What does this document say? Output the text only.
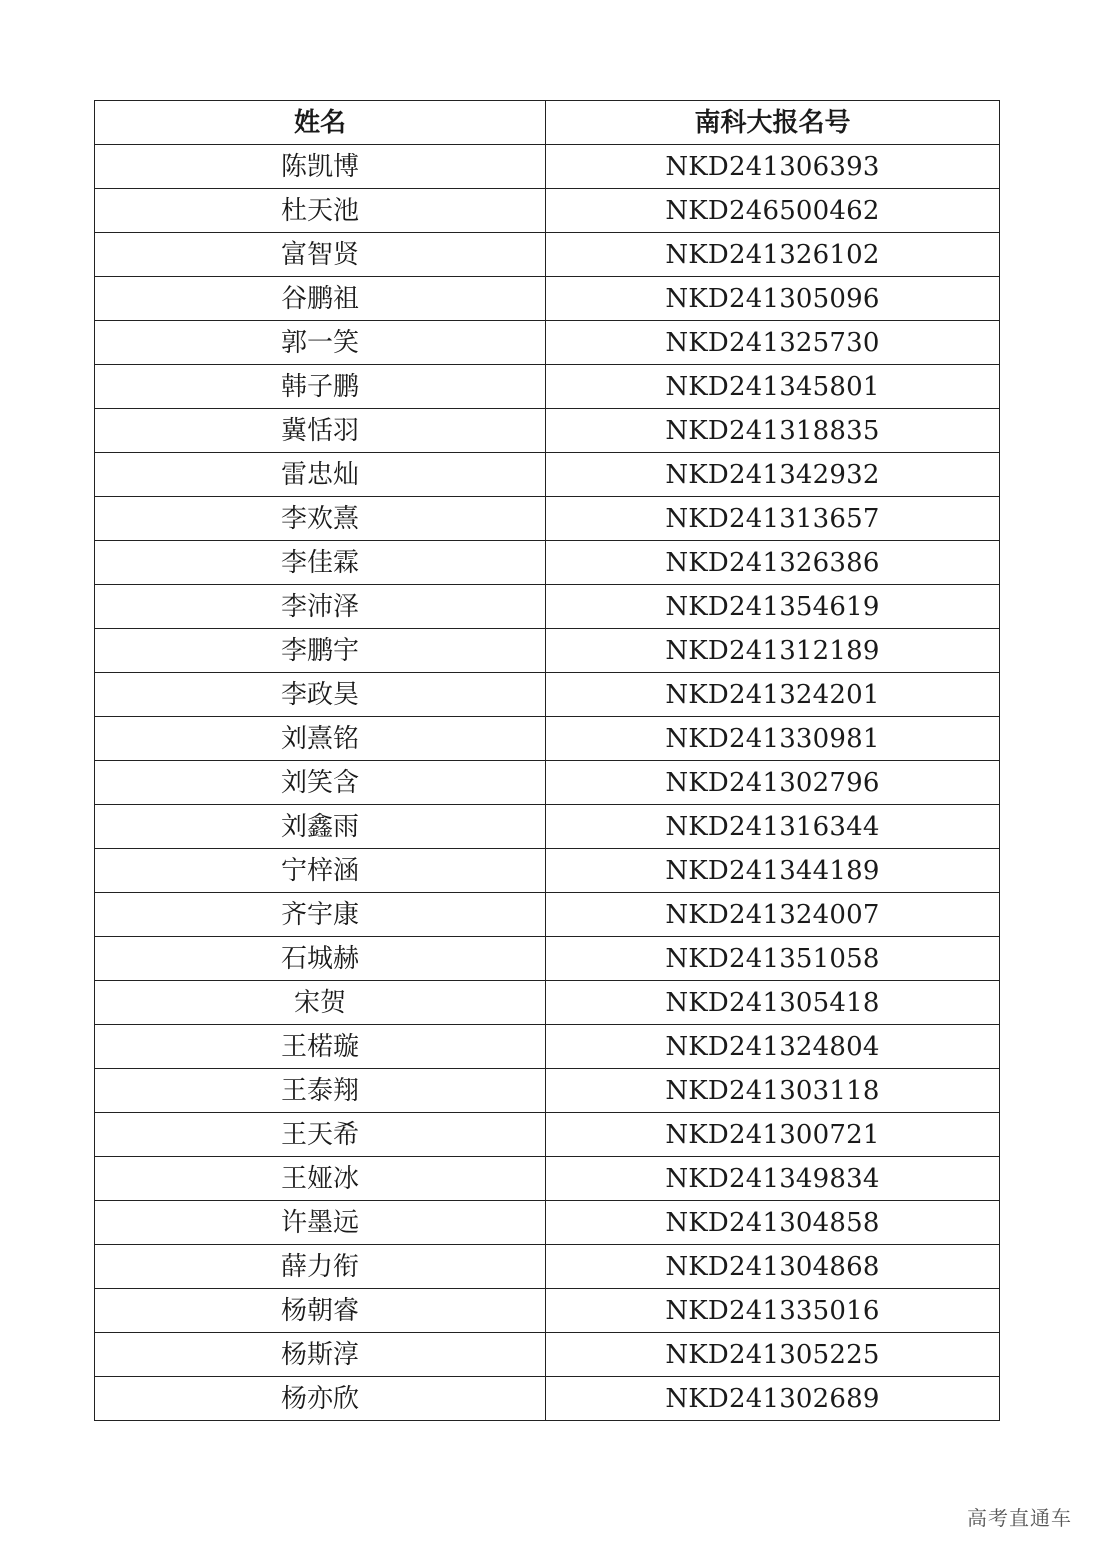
姓名	南科大报名号
陈凯博	NKD241306393
杜天池	NKD246500462
富智贤	NKD241326102
谷鹏祖	NKD241305096
郭一笑	NKD241325730
韩子鹏	NKD241345801
冀恬羽	NKD241318835
雷忠灿	NKD241342932
李欢熹	NKD241313657
李佳霖	NKD241326386
李沛泽	NKD241354619
李鹏宇	NKD241312189
李政昊	NKD241324201
刘熹铭	NKD241330981
刘笑含	NKD241302796
刘鑫雨	NKD241316344
宁梓涵	NKD241344189
齐宇康	NKD241324007
石城赫	NKD241351058
宋贺	NKD241305418
王楉璇	NKD241324804
王泰翔	NKD241303118
王天希	NKD241300721
王娅冰	NKD241349834
许墨远	NKD241304858
薛力衔	NKD241304868
杨朝睿	NKD241335016
杨斯淳	NKD241305225
杨亦欣	NKD241302689
高考直通车
